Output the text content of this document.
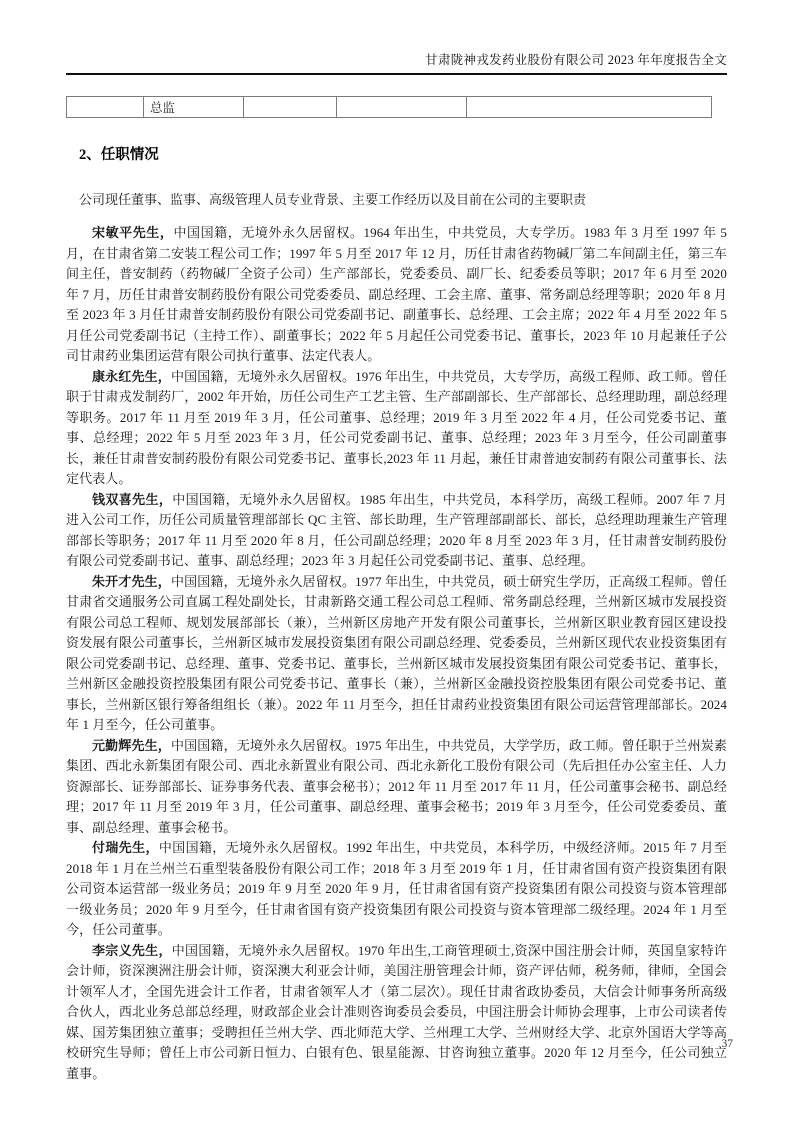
甘肃陇神戎发药业股份有限公司 2023 年年度报告全文
	总监			
2、任职情况
公司现任董事、监事、高级管理人员专业背景、主要工作经历以及目前在公司的主要职责

宋敏平先生，中国国籍，无境外永久居留权。1964 年出生，中共党员，大专学历。1983 年 3 月至 1997 年 5 月，在甘肃省第二安装工程公司工作；1997 年 5 月至 2017 年 12 月，历任甘肃省药物碱厂第二车间副主任，第三车间主任，普安制药（药物碱厂全资子公司）生产部部长，党委委员、副厂长、纪委委员等职；2017 年 6 月至 2020 年 7 月，历任甘肃普安制药股份有限公司党委委员、副总经理、工会主席、董事、常务副总经理等职；2020 年 8 月至 2023 年 3 月任甘肃普安制药股份有限公司党委副书记、副董事长、总经理、工会主席；2022 年 4 月至 2022 年 5 月任公司党委副书记（主持工作）、副董事长；2022 年 5 月起任公司党委书记、董事长，2023 年 10 月起兼任子公司甘肃药业集团运营有限公司执行董事、法定代表人。

康永红先生，中国国籍，无境外永久居留权。1976 年出生，中共党员，大专学历，高级工程师、政工师。曾任职于甘肃戎发制药厂，2002 年开始，历任公司生产工艺主管、生产部副部长、生产部部长、总经理助理，副总经理等职务。2017 年 11 月至 2019 年 3 月，任公司董事、总经理；2019 年 3 月至 2022 年 4 月，任公司党委书记、董事、总经理；2022 年 5 月至 2023 年 3 月，任公司党委副书记、董事、总经理；2023 年 3 月至今，任公司副董事长，兼任甘肃普安制药股份有限公司党委书记、董事长,2023 年 11 月起，兼任甘肃普迪安制药有限公司董事长、法定代表人。

钱双喜先生，中国国籍，无境外永久居留权。1985 年出生，中共党员，本科学历，高级工程师。2007 年 7 月进入公司工作，历任公司质量管理部部长 QC 主管、部长助理，生产管理部副部长、部长，总经理助理兼生产管理部部长等职务；2017 年 11 月至 2020 年 8 月，任公司副总经理；2020 年 8 月至 2023 年 3 月，任甘肃普安制药股份有限公司党委副书记、董事、副总经理；2023 年 3 月起任公司党委副书记、董事、总经理。

朱开才先生，中国国籍，无境外永久居留权。1977 年出生，中共党员，硕士研究生学历，正高级工程师。曾任甘肃省交通服务公司直属工程处副处长，甘肃新路交通工程公司总工程师、常务副总经理，兰州新区城市发展投资有限公司总工程师、规划发展部部长（兼），兰州新区房地产开发有限公司董事长，兰州新区职业教育园区建设投资发展有限公司董事长，兰州新区城市发展投资集团有限公司副总经理、党委委员，兰州新区现代农业投资集团有限公司党委副书记、总经理、董事、党委书记、董事长，兰州新区城市发展投资集团有限公司党委书记、董事长，兰州新区金融投资控股集团有限公司党委书记、董事长（兼），兰州新区金融投资控股集团有限公司党委书记、董事长，兰州新区银行筹备组组长（兼）。2022 年 11 月至今，担任甘肃药业投资集团有限公司运营管理部部长。2024 年 1 月至今，任公司董事。

元勤辉先生，中国国籍，无境外永久居留权。1975 年出生，中共党员，大学学历，政工师。曾任职于兰州炭素集团、西北永新集团有限公司、西北永新置业有限公司、西北永新化工股份有限公司（先后担任办公室主任、人力资源部长、证券部部长、证券事务代表、董事会秘书）；2012 年 11 月至 2017 年 11 月，任公司董事会秘书、副总经理；2017 年 11 月至 2019 年 3 月，任公司董事、副总经理、董事会秘书；2019 年 3 月至今，任公司党委委员、董事、副总经理、董事会秘书。

付瑞先生，中国国籍，无境外永久居留权。1992 年出生，中共党员，本科学历，中级经济师。2015 年 7 月至 2018 年 1 月在兰州兰石重型装备股份有限公司工作；2018 年 3 月至 2019 年 1 月，任甘肃省国有资产投资集团有限公司资本运营部一级业务员；2019 年 9 月至 2020 年 9 月，任甘肃省国有资产投资集团有限公司投资与资本管理部一级业务员；2020 年 9 月至今，任甘肃省国有资产投资集团有限公司投资与资本管理部二级经理。2024 年 1 月至今，任公司董事。

李宗义先生，中国国籍，无境外永久居留权。1970 年出生,工商管理硕士,资深中国注册会计师，英国皇家特许会计师，资深澳洲注册会计师，资深澳大利亚会计师，美国注册管理会计师，资产评估师，税务师，律师，全国会计领军人才，全国先进会计工作者，甘肃省领军人才（第二层次）。现任甘肃省政协委员，大信会计师事务所高级合伙人，西北业务总部总经理，财政部企业会计准则咨询委员会委员，中国注册会计师协会理事，上市公司读者传媒、国芳集团独立董事；受聘担任兰州大学、西北师范大学、兰州理工大学、兰州财经大学、北京外国语大学等高校研究生导师；曾任上市公司新日恒力、白银有色、银星能源、甘咨询独立董事。2020 年 12 月至今，任公司独立董事。

37
